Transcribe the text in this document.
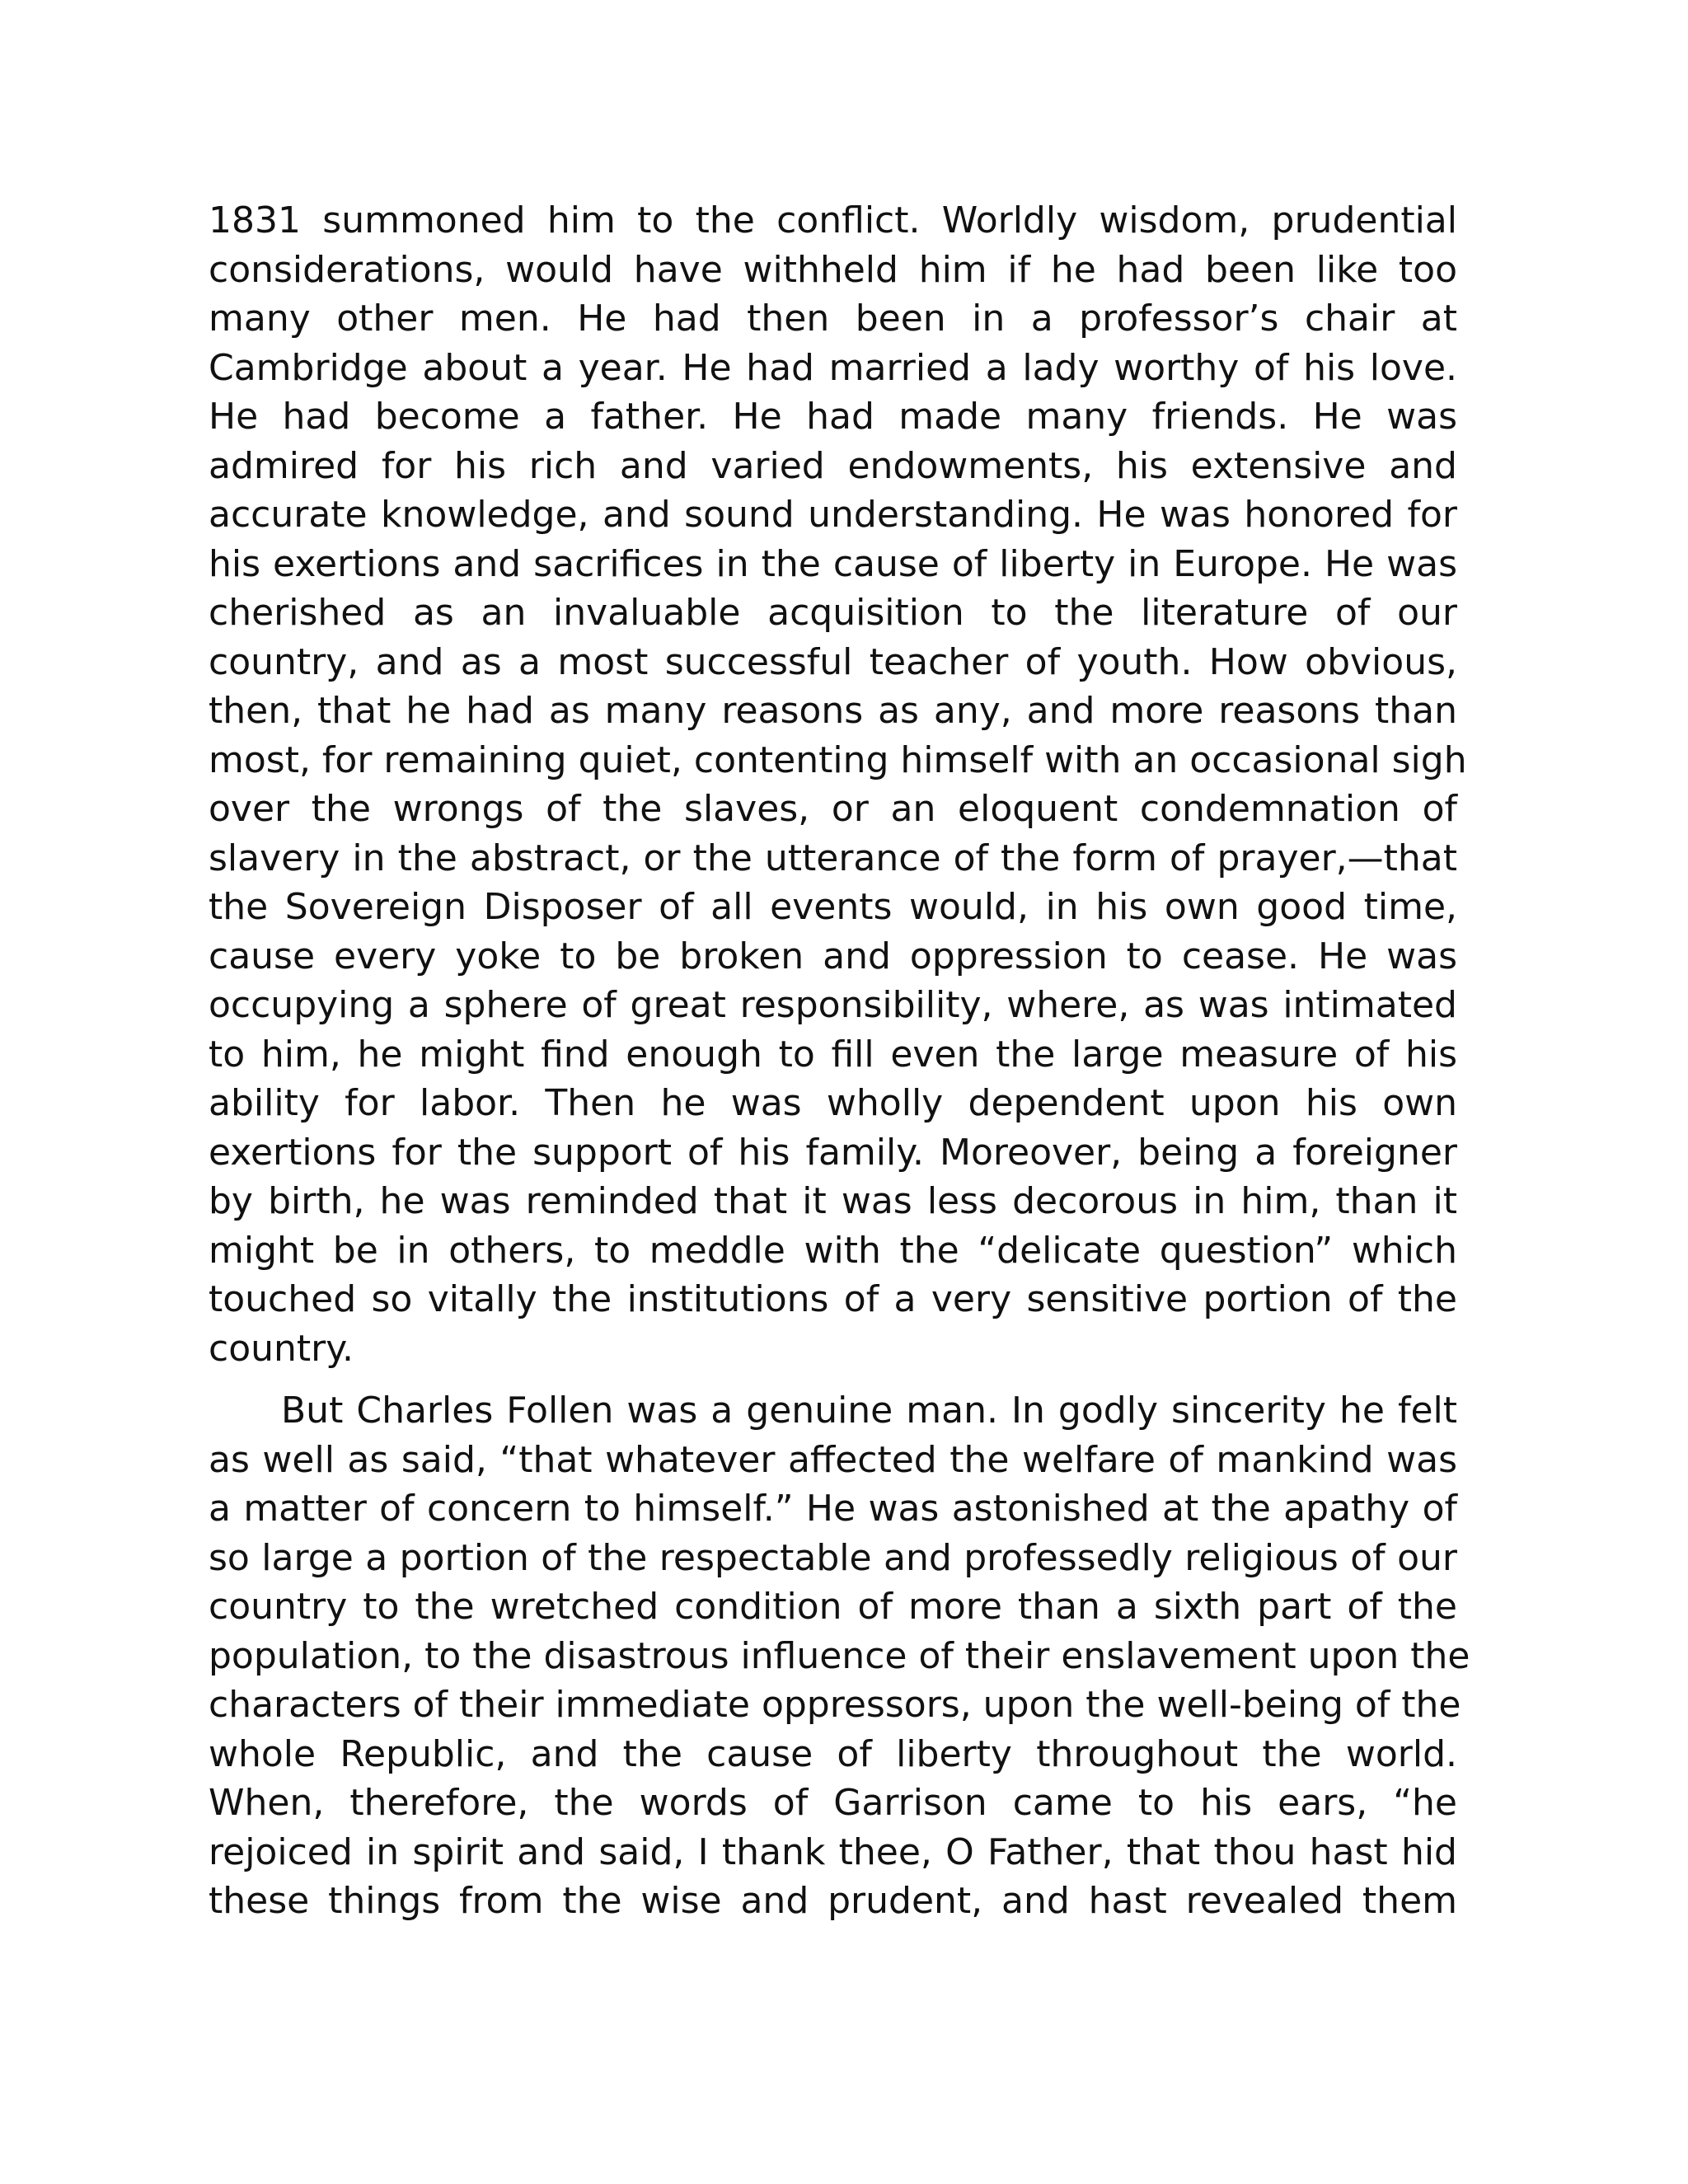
1831 summoned him to the conflict. Worldly wisdom, prudential
considerations, would have withheld him if he had been like too
many other men. He had then been in a professor’s chair at
Cambridge about a year. He had married a lady worthy of his love.
He had become a father. He had made many friends. He was
admired for his rich and varied endowments, his extensive and
accurate knowledge, and sound understanding. He was honored for
his exertions and sacrifices in the cause of liberty in Europe. He was
cherished as an invaluable acquisition to the literature of our
country, and as a most successful teacher of youth. How obvious,
then, that he had as many reasons as any, and more reasons than
most, for remaining quiet, contenting himself with an occasional sigh
over the wrongs of the slaves, or an eloquent condemnation of
slavery in the abstract, or the utterance of the form of prayer,—that
the Sovereign Disposer of all events would, in his own good time,
cause every yoke to be broken and oppression to cease. He was
occupying a sphere of great responsibility, where, as was intimated
to him, he might find enough to fill even the large measure of his
ability for labor. Then he was wholly dependent upon his own
exertions for the support of his family. Moreover, being a foreigner
by birth, he was reminded that it was less decorous in him, than it
might be in others, to meddle with the “delicate question” which
touched so vitally the institutions of a very sensitive portion of the
country.

But Charles Follen was a genuine man. In godly sincerity he felt
as well as said, “that whatever affected the welfare of mankind was
a matter of concern to himself.” He was astonished at the apathy of
so large a portion of the respectable and professedly religious of our
country to the wretched condition of more than a sixth part of the
population, to the disastrous influence of their enslavement upon the
characters of their immediate oppressors, upon the well-being of the
whole Republic, and the cause of liberty throughout the world.
When, therefore, the words of Garrison came to his ears, “he
rejoiced in spirit and said, I thank thee, O Father, that thou hast hid
these things from the wise and prudent, and hast revealed them
